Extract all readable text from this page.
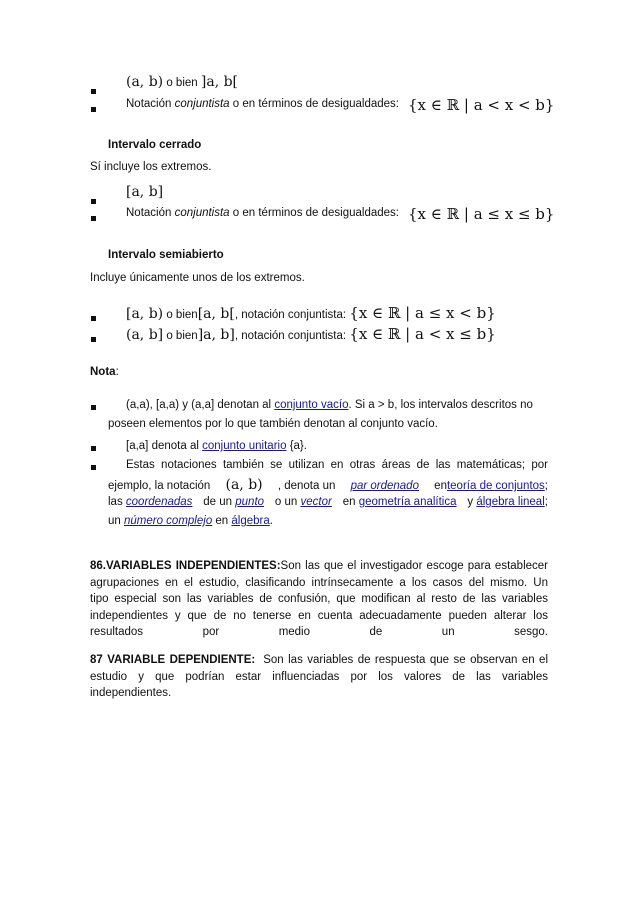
(a, b) o bien ]a, b[
Notación conjuntista o en términos de desigualdades: {x ∈ ℝ | a < x < b}
Intervalo cerrado
Sí incluye los extremos.
[a, b]
Notación conjuntista o en términos de desigualdades: {x ∈ ℝ | a ≤ x ≤ b}
Intervalo semiabierto
Incluye únicamente unos de los extremos.
[a, b) o bien[a, b[, notación conjuntista: {x ∈ ℝ | a ≤ x < b}
(a, b] o bien]a, b], notación conjuntista: {x ∈ ℝ | a < x ≤ b}
Nota:
(a,a), [a,a) y (a,a] denotan al conjunto vacío. Si a > b, los intervalos descritos no
poseen elementos por lo que también denotan al conjunto vacío.
[a,a] denota al conjunto unitario {a}.
Estas notaciones también se utilizan en otras áreas de las matemáticas; por
ejemplo, la notación (a, b) , denota un par ordenado enteoría de conjuntos;
las coordenadas de un punto o un vector en geometría analítica y álgebra lineal;
un número complejo en álgebra.
86.VARIABLES INDEPENDIENTES:Son las que el investigador escoge para establecer
agrupaciones en el estudio, clasificando intrínsecamente a los casos del mismo. Un
tipo especial son las variables de confusión, que modifican al resto de las variables
independientes y que de no tenerse en cuenta adecuadamente pueden alterar los
resultados por medio de un sesgo.
87 VARIABLE DEPENDIENTE: Son las variables de respuesta que se observan en el
estudio y que podrían estar influenciadas por los valores de las variables
independientes.
